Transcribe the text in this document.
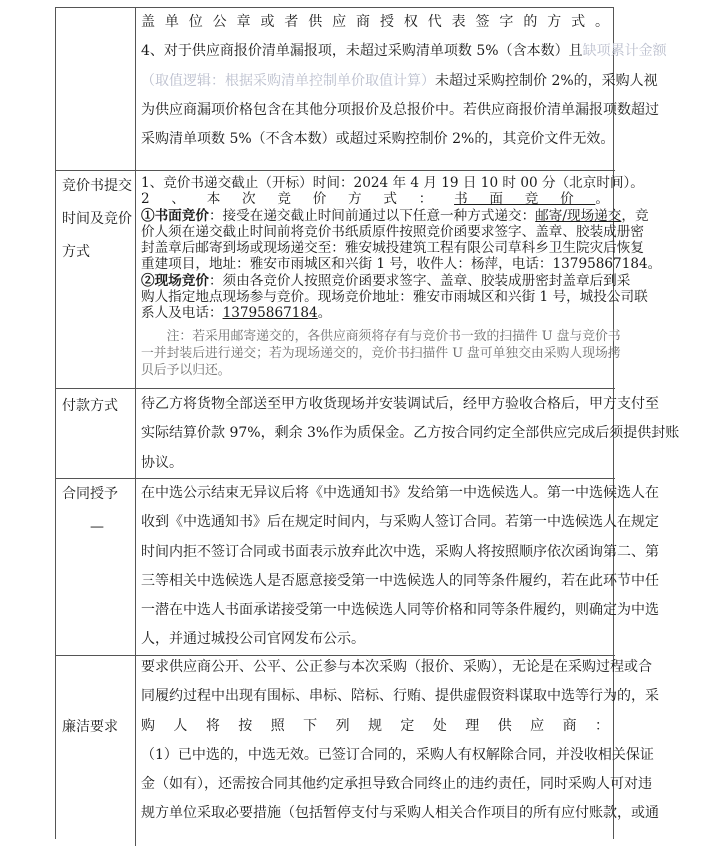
盖单位公章或者供应商授权代表签字的方式。
4、对于供应商报价清单漏报项，未超过采购清单项数 5%（含本数）且缺项累计金额
（取值逻辑：根据采购清单控制单价取值计算）未超过采购控制价 2%的，采购人视
为供应商漏项价格包含在其他分项报价及总报价中。若供应商报价清单漏报项数超过
采购清单项数 5%（不含本数）或超过采购控制价 2%的，其竞价文件无效。
竞价书提交
时间及竞价
方式
1、竞价书递交截止（开标）时间：2024 年 4 月 19 日 10 时 00 分（北京时间）。
2、本次竞价方式：书面竞价。
①书面竞价：接受在递交截止时间前通过以下任意一种方式递交：邮寄/现场递交，竞
价人须在递交截止时间前将竞价书纸质原件按照竞价函要求签字、盖章、胶装成册密
封盖章后邮寄到场或现场递交至：雅安城投建筑工程有限公司草科乡卫生院灾后恢复
重建项目，地址：雅安市雨城区和兴街 1 号，收件人：杨萍，电话：13795867184。
②现场竞价：须由各竞价人按照竞价函要求签字、盖章、胶装成册密封盖章后到采
购人指定地点现场参与竞价。现场竞价地址：雅安市雨城区和兴街 1 号，城投公司联
系人及电话：13795867184。
　　注：若采用邮寄递交的，各供应商须将存有与竞价书一致的扫描件 U 盘与竞价书
一并封装后进行递交；若为现场递交的，竞价书扫描件 U 盘可单独交由采购人现场拷
贝后予以归还。
付款方式	待乙方将货物全部送至甲方收货现场并安装调试后，经甲方验收合格后，甲方支付至
实际结算价款 97%，剩余 3%作为质保金。乙方按合同约定全部供应完成后须提供封账
协议。
合同授予
—
在中选公示结束无异议后将《中选通知书》发给第一中选候选人。第一中选候选人在
收到《中选通知书》后在规定时间内，与采购人签订合同。若第一中选候选人在规定
时间内拒不签订合同或书面表示放弃此次中选，采购人将按照顺序依次函询第二、第
三等相关中选候选人是否愿意接受第一中选候选人的同等条件履约，若在此环节中任
一潜在中选人书面承诺接受第一中选候选人同等价格和同等条件履约，则确定为中选
人，并通过城投公司官网发布公示。
廉洁要求
要求供应商公开、公平、公正参与本次采购（报价、采购），无论是在采购过程或合
同履约过程中出现有围标、串标、陪标、行贿、提供虚假资料谋取中选等行为的，采
购人将按照下列规定处理供应商：
（1）已中选的，中选无效。已签订合同的，采购人有权解除合同，并没收相关保证
金（如有），还需按合同其他约定承担导致合同终止的违约责任，同时采购人可对违
规方单位采取必要措施（包括暂停支付与采购人相关合作项目的所有应付账款，或通
